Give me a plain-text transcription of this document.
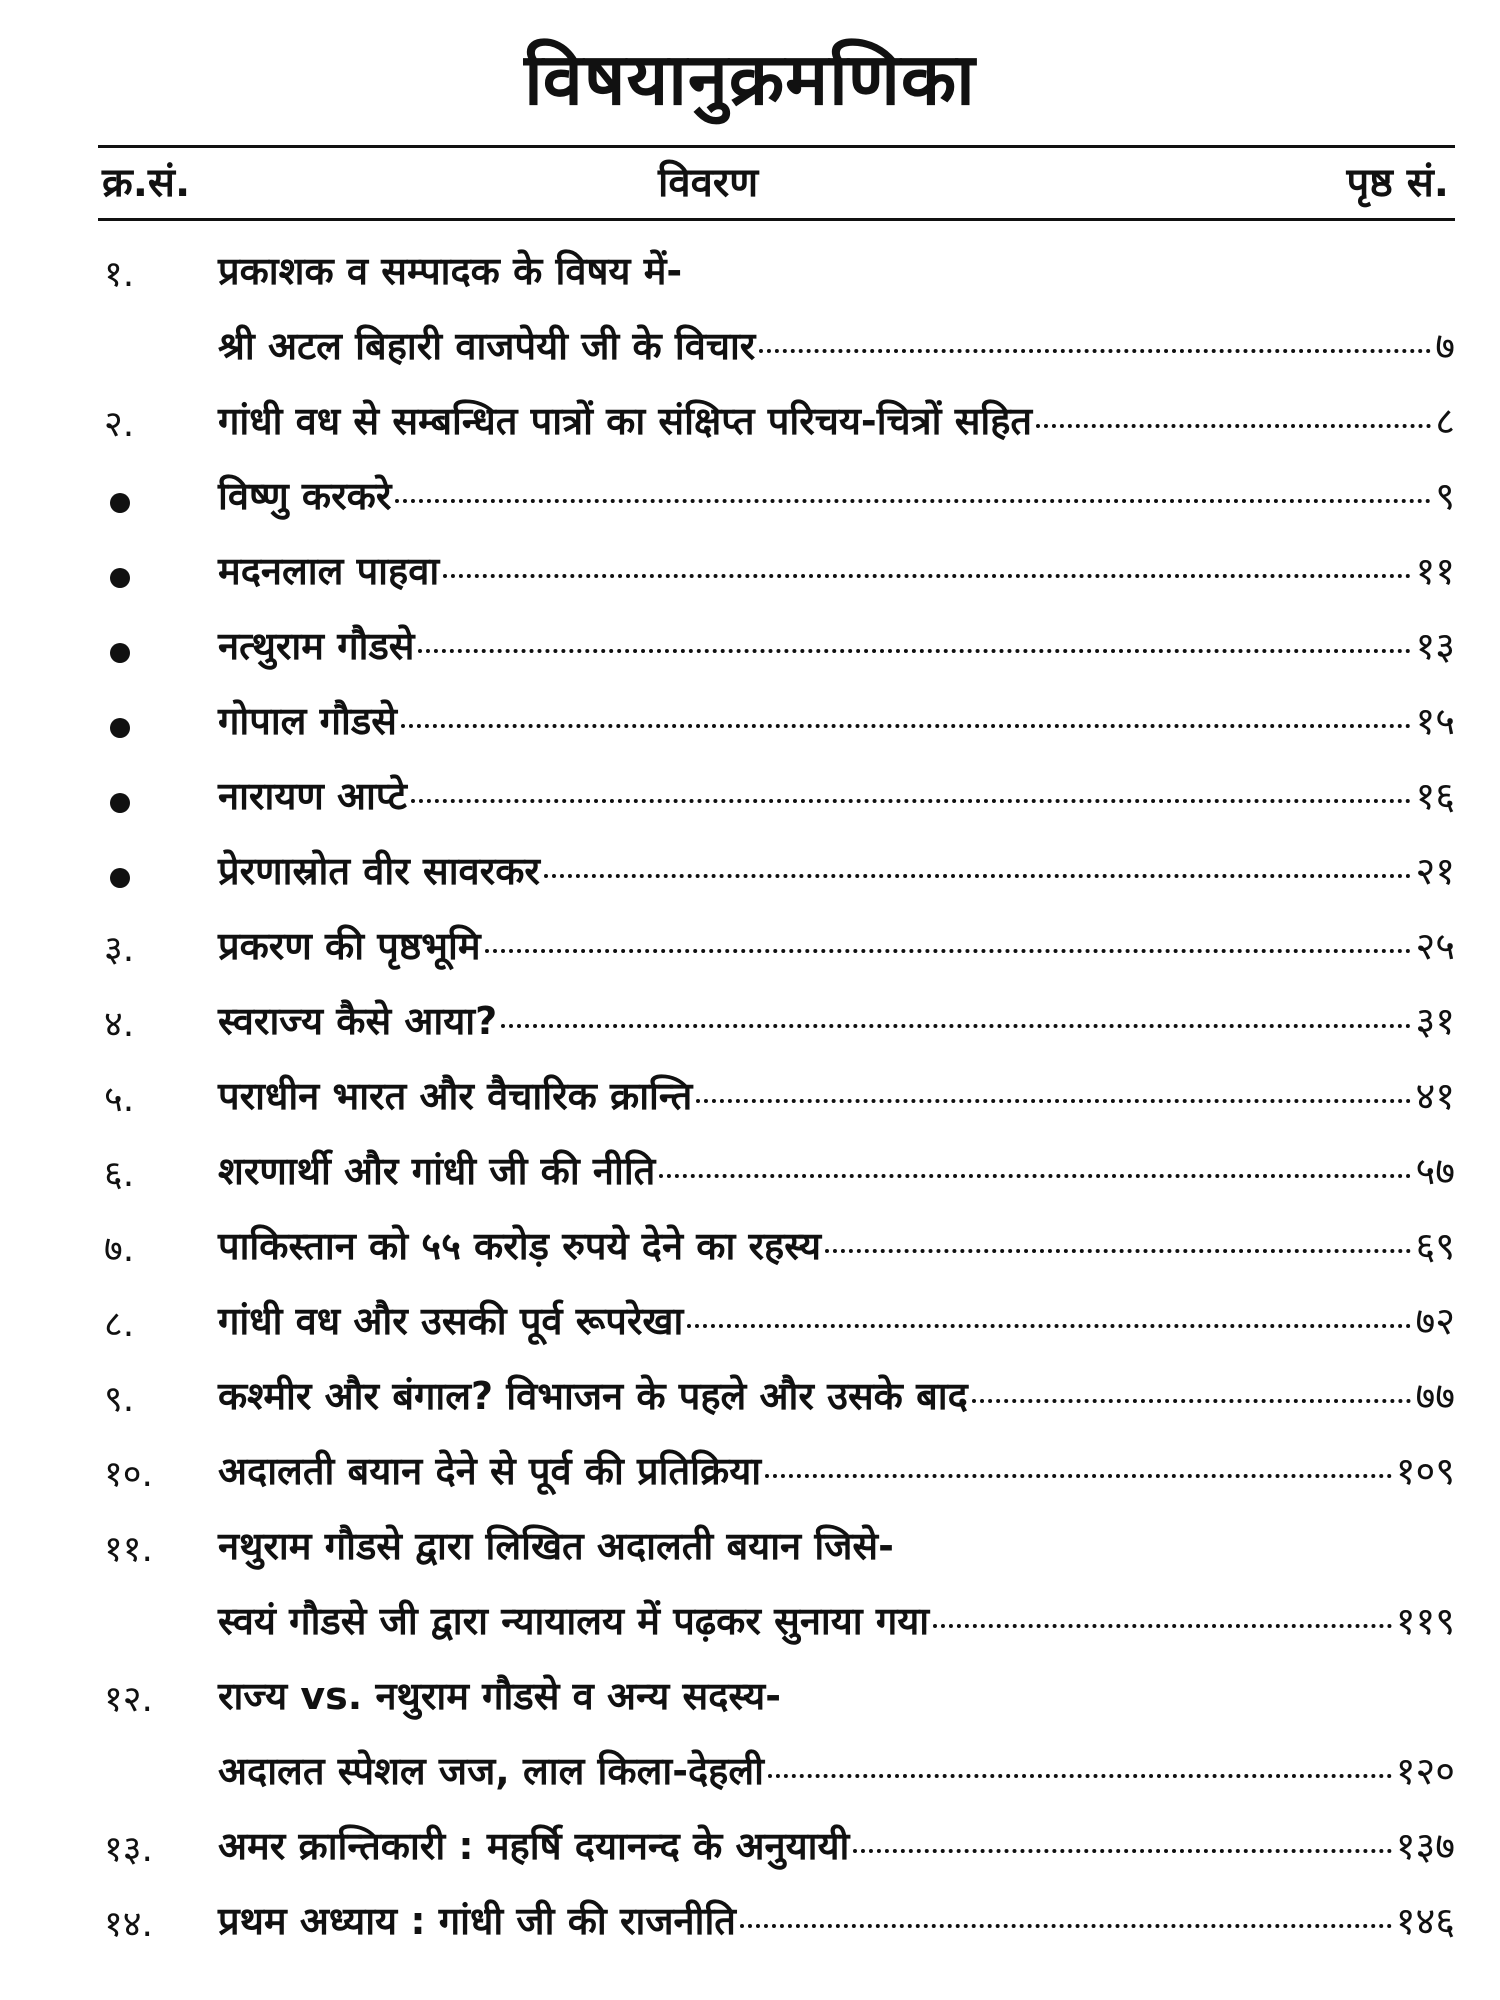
विषयानुक्रमणिका
क्र.सं.	विवरण	पृष्ठ सं.
१.	प्रकाशक व सम्पादक के विषय में-
श्री अटल बिहारी वाजपेयी जी के विचार	७
२.	गांधी वध से सम्बन्धित पात्रों का संक्षिप्त परिचय-चित्रों सहित	८
विष्णु करकरे	९
मदनलाल पाहवा	११
नत्थुराम गौडसे	१३
गोपाल गौडसे	१५
नारायण आप्टे	१६
प्रेरणास्रोत वीर सावरकर	२१
३.	प्रकरण की पृष्ठभूमि	२५
४.	स्वराज्य कैसे आया?	३१
५.	पराधीन भारत और वैचारिक क्रान्ति	४१
६.	शरणार्थी और गांधी जी की नीति	५७
७.	पाकिस्तान को ५५ करोड़ रुपये देने का रहस्य	६९
८.	गांधी वध और उसकी पूर्व रूपरेखा	७२
९.	कश्मीर और बंगाल? विभाजन के पहले और उसके बाद	७७
१०.	अदालती बयान देने से पूर्व की प्रतिक्रिया	१०९
११.	नथुराम गौडसे द्वारा लिखित अदालती बयान जिसे-
स्वयं गौडसे जी द्वारा न्यायालय में पढ़कर सुनाया गया	११९
१२.	राज्य vs. नथुराम गौडसे व अन्य सदस्य-
अदालत स्पेशल जज, लाल किला-देहली	१२०
१३.	अमर क्रान्तिकारी : महर्षि दयानन्द के अनुयायी	१३७
१४.	प्रथम अध्याय : गांधी जी की राजनीति	१४६
